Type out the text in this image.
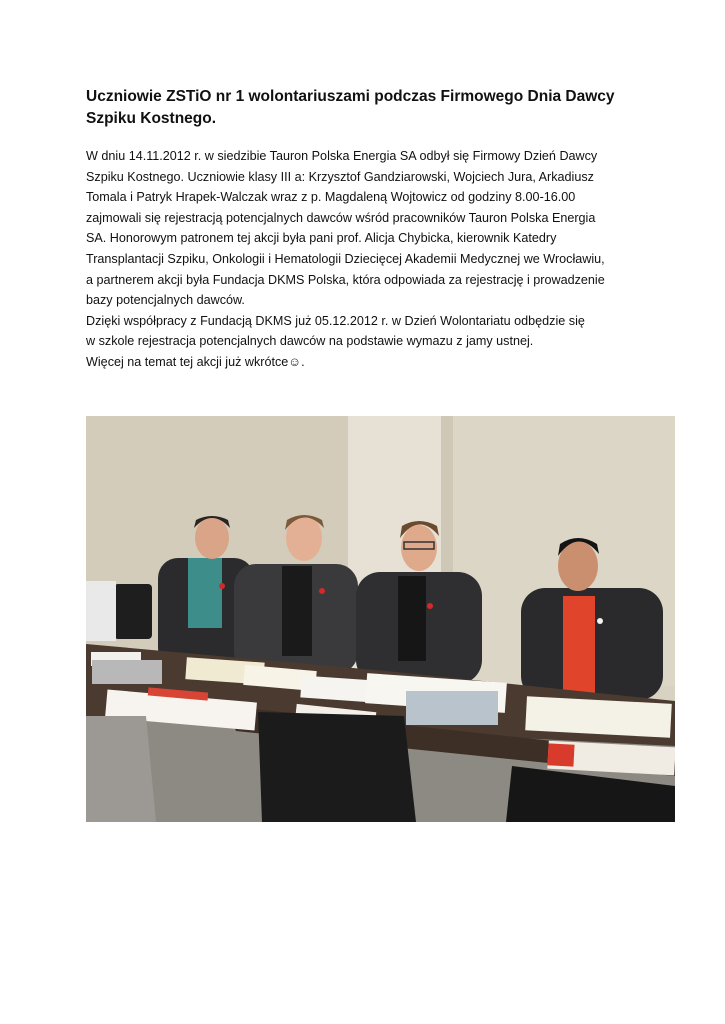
Uczniowie ZSTiO nr 1 wolontariuszami podczas Firmowego Dnia Dawcy Szpiku Kostnego.
W dniu 14.11.2012 r. w siedzibie Tauron Polska Energia SA odbył się Firmowy Dzień Dawcy
Szpiku Kostnego. Uczniowie klasy III a: Krzysztof Gandziarowski, Wojciech Jura, Arkadiusz
Tomala i Patryk Hrapek-Walczak wraz z p. Magdaleną Wojtowicz od godziny 8.00-16.00
zajmowali się rejestracją potencjalnych dawców wśród pracowników Tauron Polska Energia
SA. Honorowym patronem tej akcji była pani prof. Alicja Chybicka, kierownik Katedry
Transplantacji Szpiku, Onkologii i Hematologii Dziecięcej Akademii Medycznej we Wrocławiu,
a partnerem akcji była Fundacja DKMS Polska, która odpowiada za rejestrację i prowadzenie
bazy potencjalnych dawców.
Dzięki współpracy z Fundacją DKMS już 05.12.2012 r. w Dzień Wolontariatu odbędzie się
w szkole rejestracja potencjalnych dawców na podstawie wymazu z jamy ustnej.
Więcej na temat tej akcji już wkrótce☺.
